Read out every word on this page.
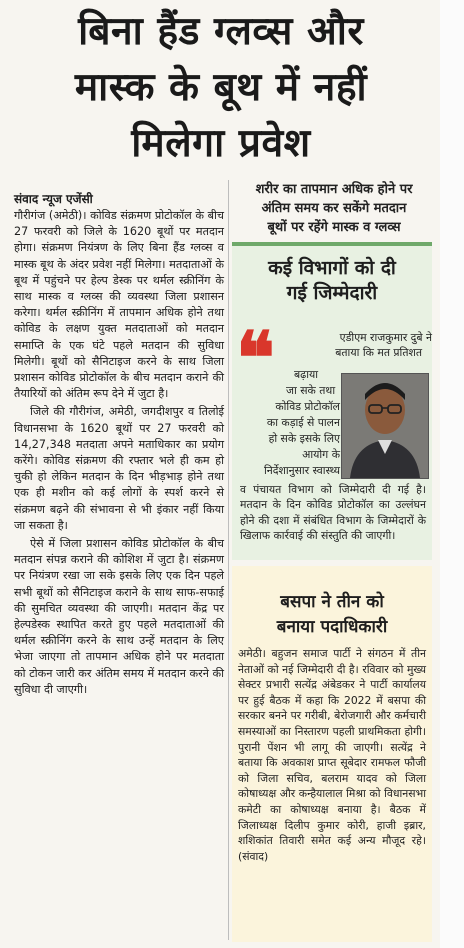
बिना हैंड ग्लव्स और
मास्क के बूथ में नहीं
मिलेगा प्रवेश
संवाद न्यूज एजेंसी

गौरीगंज (अमेठी)। कोविड संक्रमण प्रोटोकॉल के बीच 27 फरवरी को जिले के 1620 बूथों पर मतदान होगा। संक्रमण नियंत्रण के लिए बिना हैंड ग्लव्स व मास्क बूथ के अंदर प्रवेश नहीं मिलेगा। मतदाताओं के बूथ में पहुंचने पर हेल्प डेस्क पर थर्मल स्क्रीनिंग के साथ मास्क व ग्लव्स की व्यवस्था जिला प्रशासन करेगा। थर्मल स्क्रीनिंग में तापमान अधिक होने तथा कोविड के लक्षण युक्त मतदाताओं को मतदान समाप्ति के एक घंटे पहले मतदान की सुविधा मिलेगी। बूथों को सैनिटाइज करने के साथ जिला प्रशासन कोविड प्रोटोकॉल के बीच मतदान कराने की तैयारियों को अंतिम रूप देने में जुटा है।

जिले की गौरीगंज, अमेठी, जगदीशपुर व तिलोई विधानसभा के 1620 बूथों पर 27 फरवरी को 14,27,348 मतदाता अपने मताधिकार का प्रयोग करेंगे। कोविड संक्रमण की रफ्तार भले ही कम हो चुकी हो लेकिन मतदान के दिन भीड़भाड़ होने तथा एक ही मशीन को कई लोगों के स्पर्श करने से संक्रमण बढ़ने की संभावना से भी इंकार नहीं किया जा सकता है।

ऐसे में जिला प्रशासन कोविड प्रोटोकॉल के बीच मतदान संपन्न कराने की कोशिश में जुटा है। संक्रमण पर नियंत्रण रखा जा सके इसके लिए एक दिन पहले सभी बूथों को सैनिटाइज कराने के साथ साफ-सफाई की सुमचित व्यवस्था की जाएगी। मतदान केंद्र पर हेल्पडेस्क स्थापित करते हुए पहले मतदाताओं की थर्मल स्क्रीनिंग करने के साथ उन्हें मतदान के लिए भेजा जाएगा तो तापमान अधिक होने पर मतदाता को टोकन जारी कर अंतिम समय में मतदान करने की सुविधा दी जाएगी।

शरीर का तापमान अधिक होने पर
अंतिम समय कर सकेंगे मतदान
बूथों पर रहेंगे मास्क व ग्लव्स
कई विभागों को दी
गई जिम्मेदारी
❝	एडीएम राजकुमार दुबे ने
बताया कि मत प्रतिशत
बढ़ाया
जा सके तथा
कोविड प्रोटोकॉल
का कड़ाई से पालन
हो सके इसके लिए
आयोग के
निर्देशानुसार स्वास्थ्य
व पंचायत विभाग को जिम्मेदारी दी गई है। मतदान के दिन कोविड प्रोटोकॉल का उल्लंघन होने की दशा में संबंधित विभाग के जिम्मेदारों के खिलाफ कार्रवाई की संस्तुति की जाएगी।
बसपा ने तीन को
बनाया पदाधिकारी

अमेठी। बहुजन समाज पार्टी ने संगठन में तीन नेताओं को नई जिम्मेदारी दी है। रविवार को मुख्य सेक्टर प्रभारी सत्येंद्र अंबेडकर ने पार्टी कार्यालय पर हुई बैठक में कहा कि 2022 में बसपा की सरकार बनने पर गरीबी, बेरोजगारी और कर्मचारी समस्याओं का निस्तारण पहली प्राथमिकता होगी। पुरानी पेंशन भी लागू की जाएगी। सत्येंद्र ने बताया कि अवकाश प्राप्त सूबेदार रामफल फौजी को जिला सचिव, बलराम यादव को जिला कोषाध्यक्ष और कन्हैयालाल मिश्रा को विधानसभा कमेटी का कोषाध्यक्ष बनाया है। बैठक में जिलाध्यक्ष दिलीप कुमार कोरी, हाजी इब्रार, शशिकांत तिवारी समेत कई अन्य मौजूद रहे। (संवाद)
